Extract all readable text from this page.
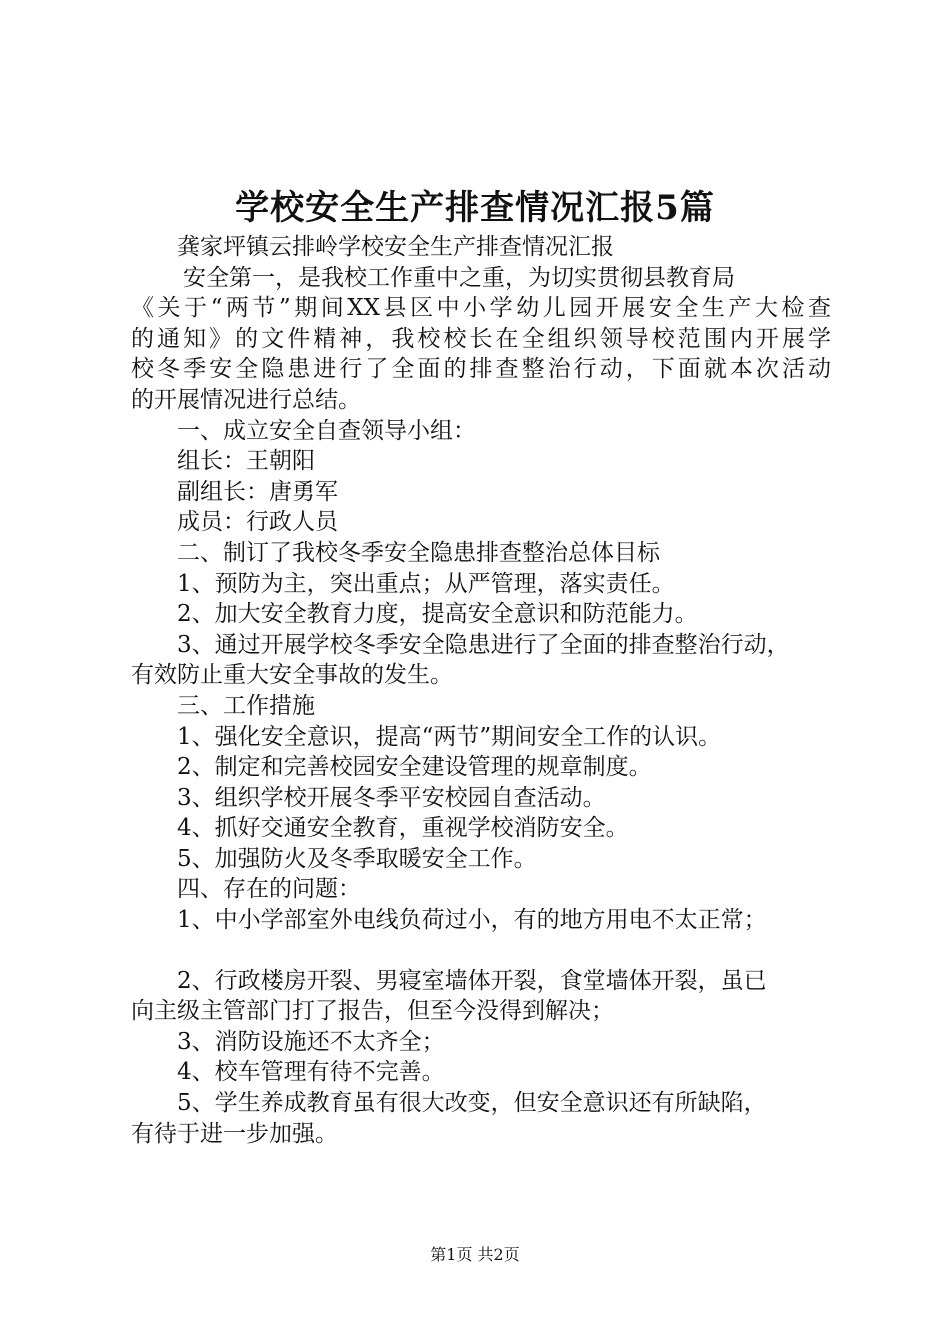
学校安全生产排查情况汇报5篇
龚家坪镇云排岭学校安全生产排查情况汇报
安全第一，是我校工作重中之重，为切实贯彻县教育局
《关于“两节”期间XX县区中小学幼儿园开展安全生产大检查
的通知》的文件精神，我校校长在全组织领导校范围内开展学
校冬季安全隐患进行了全面的排查整治行动，下面就本次活动
的开展情况进行总结。
一、成立安全自查领导小组：
组长：王朝阳
副组长：唐勇军
成员：行政人员
二、制订了我校冬季安全隐患排查整治总体目标
1、预防为主，突出重点；从严管理，落实责任。
2、加大安全教育力度，提高安全意识和防范能力。
3、通过开展学校冬季安全隐患进行了全面的排查整治行动，
有效防止重大安全事故的发生。
三、工作措施
1、强化安全意识，提高“两节”期间安全工作的认识。
2、制定和完善校园安全建设管理的规章制度。
3、组织学校开展冬季平安校园自查活动。
4、抓好交通安全教育，重视学校消防安全。
5、加强防火及冬季取暖安全工作。
四、存在的问题：
1、中小学部室外电线负荷过小，有的地方用电不太正常；
2、行政楼房开裂、男寝室墙体开裂，食堂墙体开裂，虽已
向主级主管部门打了报告，但至今没得到解决；
3、消防设施还不太齐全；
4、校车管理有待不完善。
5、学生养成教育虽有很大改变，但安全意识还有所缺陷，
有待于进一步加强。
第1页 共2页
